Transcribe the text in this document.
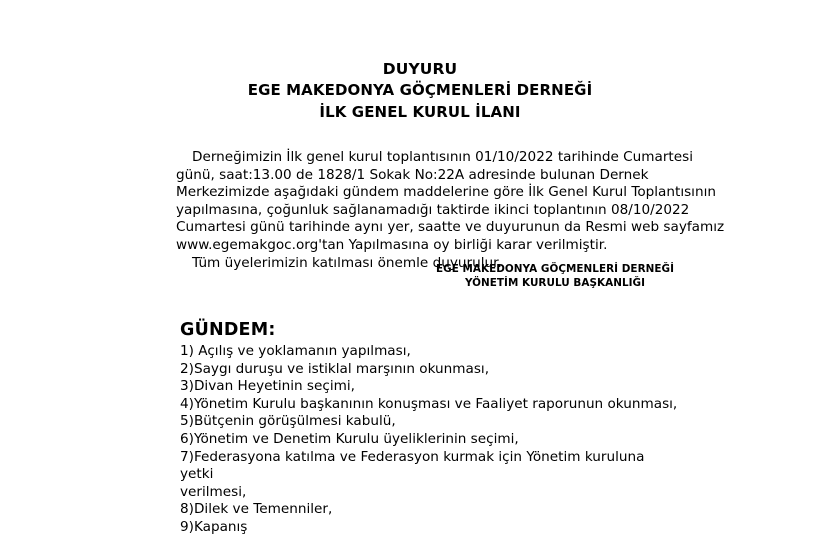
DUYURU
EGE MAKEDONYA GÖÇMENLERİ DERNEĞİ
İLK GENEL KURUL İLANI
Derneğimizin İlk genel kurul toplantısının 01/10/2022 tarihinde Cumartesi
günü, saat:13.00 de 1828/1 Sokak No:22A adresinde bulunan Dernek
Merkezimizde aşağıdaki gündem maddelerine göre İlk Genel Kurul Toplantısının
yapılmasına, çoğunluk sağlanamadığı taktirde ikinci toplantının 08/10/2022
Cumartesi günü tarihinde aynı yer, saatte ve duyurunun da Resmi web sayfamız
www.egemakgoc.org'tan Yapılmasına oy birliği karar verilmiştir.
Tüm üyelerimizin katılması önemle duyurulur.
EGE MAKEDONYA GÖÇMENLERİ DERNEĞİ
YÖNETİM KURULU BAŞKANLIĞI
GÜNDEM:
1) Açılış ve yoklamanın yapılması,
2)Saygı duruşu ve istiklal marşının okunması,
3)Divan Heyetinin seçimi,
4)Yönetim Kurulu başkanının konuşması ve Faaliyet raporunun okunması,
5)Bütçenin görüşülmesi kabulü,
6)Yönetim ve Denetim Kurulu üyeliklerinin seçimi,
7)Federasyona katılma ve Federasyon kurmak için Yönetim kuruluna yetki
verilmesi,
8)Dilek ve Temenniler,
9)Kapanış
